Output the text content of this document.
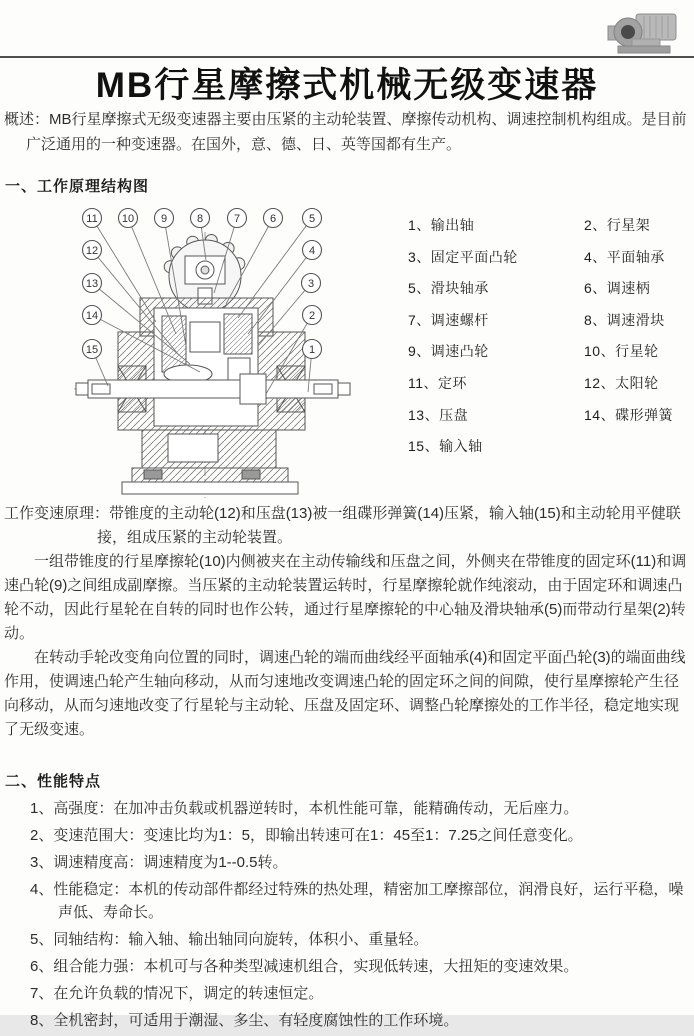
MB行星摩擦式机械无级变速器

概述：MB行星摩擦式无级变速器主要由压紧的主动轮装置、摩擦传动机构、调速控制机构组成。是目前广泛通用的一种变速器。在国外，意、德、日、英等国都有生产。

一、工作原理结构图
1
2
3
4
5
6
7
8
9
10
11
12
13
14
15
1、输出轴	2、行星架
3、固定平面凸轮	4、平面轴承
5、滑块轴承	6、调速柄
7、调速螺杆	8、调速滑块
9、调速凸轮	10、行星轮
11、定环	12、太阳轮
13、压盘	14、碟形弹簧
15、输入轴

工作变速原理：带锥度的主动轮(12)和压盘(13)被一组碟形弹簧(14)压紧，输入轴(15)和主动轮用平健联接，组成压紧的主动轮装置。

一组带锥度的行星摩擦轮(10)内侧被夹在主动传输线和压盘之间，外侧夹在带锥度的固定环(11)和调速凸轮(9)之间组成副摩擦。当压紧的主动轮装置运转时，行星摩擦轮就作纯滚动，由于固定环和调速凸轮不动，因此行星轮在自转的同时也作公转，通过行星摩擦轮的中心轴及滑块轴承(5)而带动行星架(2)转动。

在转动手轮改变角向位置的同时，调速凸轮的端而曲线经平面轴承(4)和固定平面凸轮(3)的端面曲线作用，使调速凸轮产生轴向移动，从而匀速地改变调速凸轮的固定环之间的间隙，使行星摩擦轮产生径向移动，从而匀速地改变了行星轮与主动轮、压盘及固定环、调整凸轮摩擦处的工作半径，稳定地实现了无级变速。

二、性能特点
1、高强度：在加冲击负载或机器逆转时，本机性能可靠，能精确传动，无后座力。
2、变速范围大：变速比均为1：5，即输出转速可在1：45至1：7.25之间任意变化。
3、调速精度高：调速精度为1--0.5转。
4、性能稳定：本机的传动部件都经过特殊的热处理，精密加工摩擦部位，润滑良好，运行平稳，噪声低、寿命长。
5、同轴结构：输入轴、输出轴同向旋转，体积小、重量轻。
6、组合能力强：本机可与各种类型减速机组合，实现低转速，大扭矩的变速效果。
7、在允许负载的情况下，调定的转速恒定。
8、全机密封，可适用于潮湿、多尘、有轻度腐蚀性的工作环境。
